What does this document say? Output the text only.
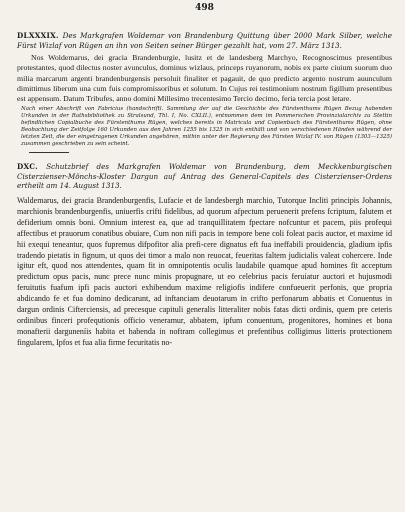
498
DLXXXIX. Des Markgrafen Woldemar von Brandenburg Quittung über 2000 Mark Silber, welche Fürst Wizlaf von Rügen an ihn von Seiten seiner Bürger gezahlt hat, vom 27. März 1313.
Nos Woldemarus, dei gracia Brandenburgie, lusitz et de landesberg Marchyo, Recognoscimus presentibus protestantes, quod dilectus noster avunculus, dominus wizlaus, princeps ruyanorum, nobis ex parte ciuium suorum duo milia marcarum argenti brandenburgensis persoluit finaliter et pagauit, de quo predicto argento nostrum auunculum dimittimus liberum una cum fuis compromissoribus et solutum. In Cujus rei testimonium nostrum figillum presentibus est appensum. Datum Tribufes, anno domini Millesimo trecentesimo Tercio decimo, feria tercia post letare.
Nach einer Abschrift von Fabricius (handschriftl. Sammlung der auf die Geschichte des Fürstenthums Rügen Bezug habenden Urkunden in der Rathsbibliothek zu Stralsund, Thl. I, No. CXLII.), entnommen dem im Pommerschen Provinzialarchiv zu Stettin befindlichen Copialbuche des Fürstenthums Rügen, welches bereits in Matricula und Copienbuch des Fürstenthums Rügen, ohne Beobachtung der Zeitfolge 160 Urkunden aus den Jahren 1255 bis 1325 in sich enthält und von verschiedenen Händen während der letzten Zeit, die der eingetragenen Urkunden angehören, mithin unter der Regierung des Fürsten Wizlaf IV. von Rügen (1303—1325) zusammen geschrieben zu sein scheint.
DXC. Schutzbrief des Markgrafen Woldemar von Brandenburg, dem Meckkenburgischen Cisterzienser-Mönchs-Kloster Dargun auf Antrag des General-Capitels des Cisterzienser-Ordens ertheilt am 14. August 1313.
Waldemarus, dei gracia Brandenburgenfis, Lufacie et de landesbergh marchio, Tutorque Incliti principis Johannis, marchionis brandenburgenfis, uniuerfis crifti fidelibus, ad quorum afpectum peruenerit prefens fcriptum, falutem et defiderium omnis boni. Omnium interest ea, que ad tranquillitatem fpectare nofcuntur et pacem, piis profequi affectibus et prauorum conatibus obuiare, Cum non nifi pacis in tempore bene coli foleat pacis auctor, et maxime id hii exequi teneantur, quos fupremus difpofitor alia prefi-cere dignatus eft fua ineffabili prouidencia, gladium ipfis tradendo pietatis in fignum, ut quos dei timor a malo non reuocat, feueritas faltem judicialis valeat cohercere. Inde igitur eft, quod nos attendentes, quam fit in omnipotentis oculis laudabile quamque apud homines fit acceptum predictum opus pacis, nunc prece nunc minis propugnare, ut eo celebrius pacis feruiatur auctori et hujusmodi feruitutis fuafum ipfi pacis auctori exhibendum maxime religiofis indifere confueuerit perfonis, que propria abdicando fe et fua domino dedicarunt, ad inftanciam deuotarum in crifto perfonarum abbatis et Conuentus in dargun ordinis Cifterciensis, ad precesque capituli generalis litteraliter nobis fatas dicti ordinis, quem pre ceteris ordinibus finceri profequtionis officio veneramur, abbatem, ipfum conuentum, progenitores, homines et bona monafterii darguneníis habita et habenda in noftram collegimus et prefentibus colligimus litteris protectionem fingularem, Ipfos et fua alia firme fecuritatis no-
